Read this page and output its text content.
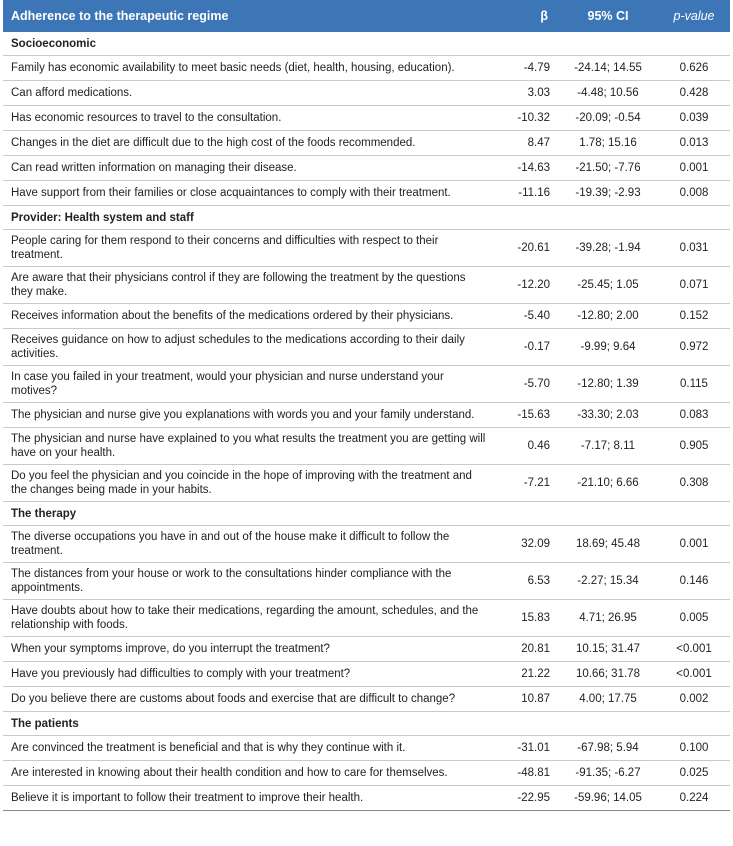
Adherence to the therapeutic regime	β	95% CI	p-value
Socioeconomic			
Family has economic availability to meet basic needs (diet, health, housing, education).	-4.79	-24.14; 14.55	0.626
Can afford medications.	3.03	-4.48; 10.56	0.428
Has economic resources to travel to the consultation.	-10.32	-20.09; -0.54	0.039
Changes in the diet are difficult due to the high cost of the foods recommended.	8.47	1.78; 15.16	0.013
Can read written information on managing their disease.	-14.63	-21.50; -7.76	0.001
Have support from their families or close acquaintances to comply with their treatment.	-11.16	-19.39; -2.93	0.008
Provider: Health system and staff			
People caring for them respond to their concerns and difficulties with respect to their treatment.	-20.61	-39.28; -1.94	0.031
Are aware that their physicians control if they are following the treatment by the questions they make.	-12.20	-25.45; 1.05	0.071
Receives information about the benefits of the medications ordered by their physicians.	-5.40	-12.80; 2.00	0.152
Receives guidance on how to adjust schedules to the medications according to their daily activities.	-0.17	-9.99; 9.64	0.972
In case you failed in your treatment, would your physician and nurse understand your motives?	-5.70	-12.80; 1.39	0.115
The physician and nurse give you explanations with words you and your family understand.	-15.63	-33.30; 2.03	0.083
The physician and nurse have explained to you what results the treatment you are getting will have on your health.	0.46	-7.17; 8.11	0.905
Do you feel the physician and you coincide in the hope of improving with the treatment and the changes being made in your habits.	-7.21	-21.10; 6.66	0.308
The therapy			
The diverse occupations you have in and out of the house make it difficult to follow the treatment.	32.09	18.69; 45.48	0.001
The distances from your house or work to the consultations hinder compliance with the appointments.	6.53	-2.27; 15.34	0.146
Have doubts about how to take their medications, regarding the amount, schedules, and the relationship with foods.	15.83	4.71; 26.95	0.005
When your symptoms improve, do you interrupt the treatment?	20.81	10.15; 31.47	<0.001
Have you previously had difficulties to comply with your treatment?	21.22	10.66; 31.78	<0.001
Do you believe there are customs about foods and exercise that are difficult to change?	10.87	4.00; 17.75	0.002
The patients			
Are convinced the treatment is beneficial and that is why they continue with it.	-31.01	-67.98; 5.94	0.100
Are interested in knowing about their health condition and how to care for themselves.	-48.81	-91.35; -6.27	0.025
Believe it is important to follow their treatment to improve their health.	-22.95	-59.96; 14.05	0.224
